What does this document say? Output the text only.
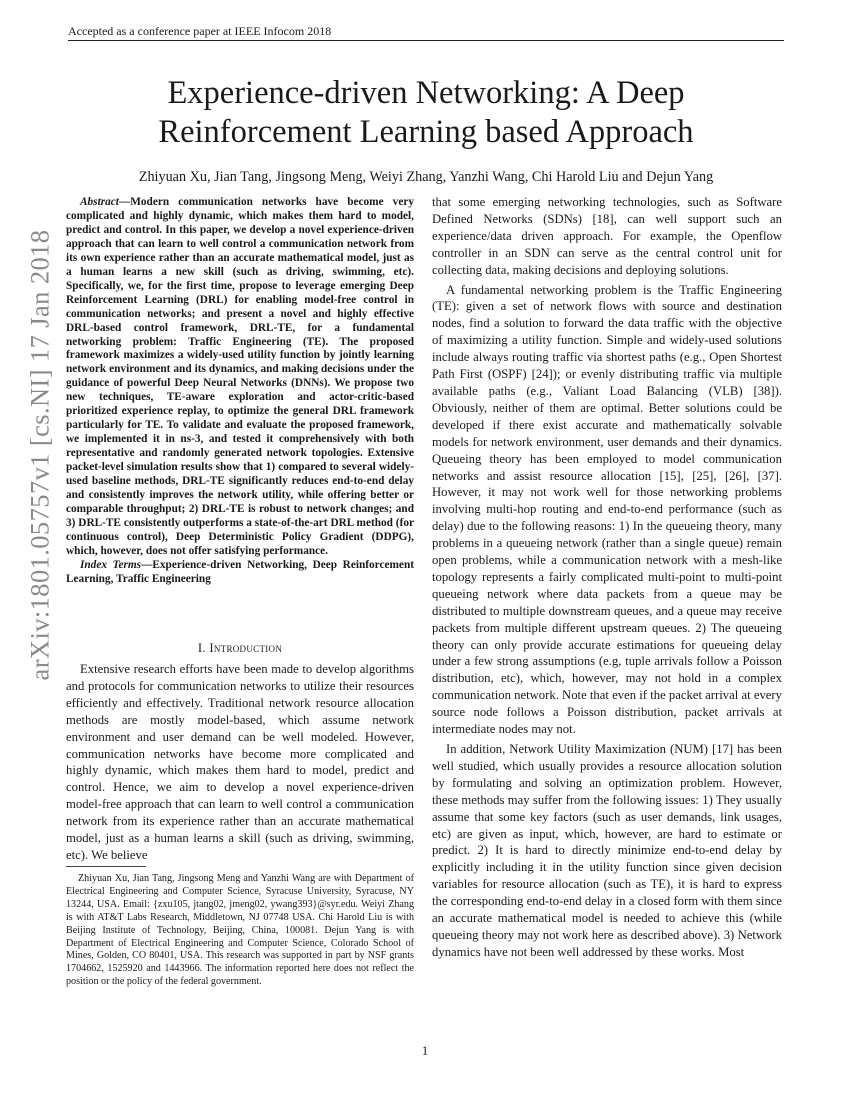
Accepted as a conference paper at IEEE Infocom 2018
arXiv:1801.05757v1 [cs.NI] 17 Jan 2018
Experience-driven Networking: A Deep
Reinforcement Learning based Approach
Zhiyuan Xu, Jian Tang, Jingsong Meng, Weiyi Zhang, Yanzhi Wang, Chi Harold Liu and Dejun Yang

Abstract—Modern communication networks have become very complicated and highly dynamic, which makes them hard to model, predict and control. In this paper, we develop a novel experience-driven approach that can learn to well control a communication network from its own experience rather than an accurate mathematical model, just as a human learns a new skill (such as driving, swimming, etc). Specifically, we, for the first time, propose to leverage emerging Deep Reinforcement Learning (DRL) for enabling model-free control in communication networks; and present a novel and highly effective DRL-based control framework, DRL-TE, for a fundamental networking problem: Traffic Engineering (TE). The proposed framework maximizes a widely-used utility function by jointly learning network environment and its dynamics, and making decisions under the guidance of powerful Deep Neural Networks (DNNs). We propose two new techniques, TE-aware exploration and actor-critic-based prioritized experience replay, to optimize the general DRL framework particularly for TE. To validate and evaluate the proposed framework, we implemented it in ns-3, and tested it comprehensively with both representative and randomly generated network topologies. Extensive packet-level simulation results show that 1) compared to several widely-used baseline methods, DRL-TE significantly reduces end-to-end delay and consistently improves the network utility, while offering better or comparable throughput; 2) DRL-TE is robust to network changes; and 3) DRL-TE consistently outperforms a state-of-the-art DRL method (for continuous control), Deep Deterministic Policy Gradient (DDPG), which, however, does not offer satisfying performance.

Index Terms—Experience-driven Networking, Deep Reinforcement Learning, Traffic Engineering

I. Introduction

Extensive research efforts have been made to develop algorithms and protocols for communication networks to utilize their resources efficiently and effectively. Traditional network resource allocation methods are mostly model-based, which assume network environment and user demand can be well modeled. However, communication networks have become more complicated and highly dynamic, which makes them hard to model, predict and control. Hence, we aim to develop a novel experience-driven model-free approach that can learn to well control a communication network from its experience rather than an accurate mathematical model, just as a human learns a skill (such as driving, swimming, etc). We believe

Zhiyuan Xu, Jian Tang, Jingsong Meng and Yanzhi Wang are with Department of Electrical Engineering and Computer Science, Syracuse University, Syracuse, NY 13244, USA. Email: {zxu105, jtang02, jmeng02, ywang393}@syr.edu. Weiyi Zhang is with AT&T Labs Research, Middletown, NJ 07748 USA. Chi Harold Liu is with Beijing Institute of Technology, Beijing, China, 100081. Dejun Yang is with Department of Electrical Engineering and Computer Science, Colorado School of Mines, Golden, CO 80401, USA. This research was supported in part by NSF grants 1704662, 1525920 and 1443966. The information reported here does not reflect the position or the policy of the federal government.

that some emerging networking technologies, such as Software Defined Networks (SDNs) [18], can well support such an experience/data driven approach. For example, the Openflow controller in an SDN can serve as the central control unit for collecting data, making decisions and deploying solutions.

A fundamental networking problem is the Traffic Engineering (TE): given a set of network flows with source and destination nodes, find a solution to forward the data traffic with the objective of maximizing a utility function. Simple and widely-used solutions include always routing traffic via shortest paths (e.g., Open Shortest Path First (OSPF) [24]); or evenly distributing traffic via multiple available paths (e.g., Valiant Load Balancing (VLB) [38]). Obviously, neither of them are optimal. Better solutions could be developed if there exist accurate and mathematically solvable models for network environment, user demands and their dynamics. Queueing theory has been employed to model communication networks and assist resource allocation [15], [25], [26], [37]. However, it may not work well for those networking problems involving multi-hop routing and end-to-end performance (such as delay) due to the following reasons: 1) In the queueing theory, many problems in a queueing network (rather than a single queue) remain open problems, while a communication network with a mesh-like topology represents a fairly complicated multi-point to multi-point queueing network where data packets from a queue may be distributed to multiple downstream queues, and a queue may receive packets from multiple different upstream queues. 2) The queueing theory can only provide accurate estimations for queueing delay under a few strong assumptions (e.g, tuple arrivals follow a Poisson distribution, etc), which, however, may not hold in a complex communication network. Note that even if the packet arrival at every source node follows a Poisson distribution, packet arrivals at intermediate nodes may not.

In addition, Network Utility Maximization (NUM) [17] has been well studied, which usually provides a resource allocation solution by formulating and solving an optimization problem. However, these methods may suffer from the following issues: 1) They usually assume that some key factors (such as user demands, link usages, etc) are given as input, which, however, are hard to estimate or predict. 2) It is hard to directly minimize end-to-end delay by explicitly including it in the utility function since given decision variables for resource allocation (such as TE), it is hard to express the corresponding end-to-end delay in a closed form with them since an accurate mathematical model is needed to achieve this (while queueing theory may not work here as described above). 3) Network dynamics have not been well addressed by these works. Most

1
